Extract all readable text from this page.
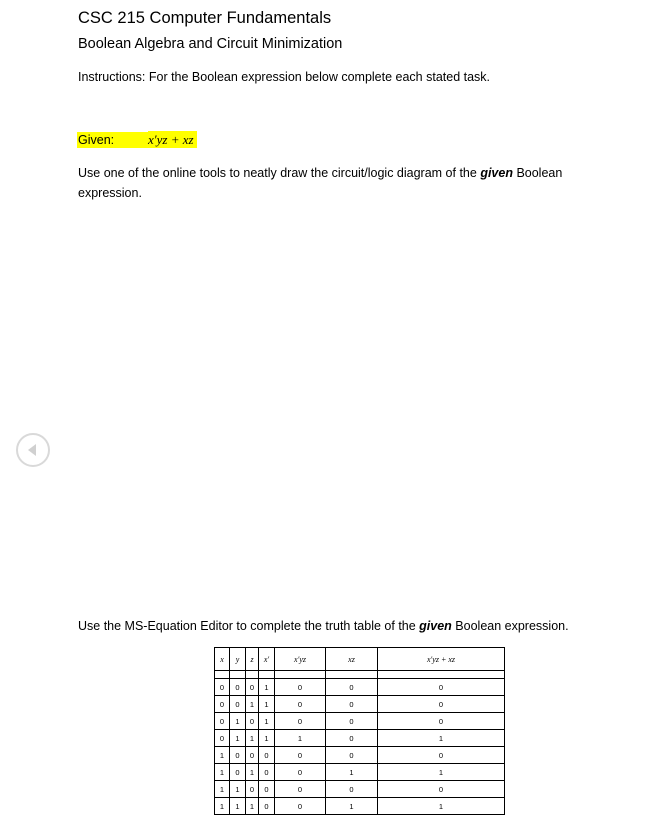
CSC 215 Computer Fundamentals
Boolean Algebra and Circuit Minimization
Instructions: For the Boolean expression below complete each stated task.
Given:	x′yz + xz
Use one of the online tools to neatly draw the circuit/logic diagram of the given Boolean expression.
Use the MS-Equation Editor to complete the truth table of the given Boolean expression.
x	y	z	x′	x′yz	xz	x′yz + xz

0	0	0	1	0	0	0
0	0	1	1	0	0	0
0	1	0	1	0	0	0
0	1	1	1	1	0	1
1	0	0	0	0	0	0
1	0	1	0	0	1	1
1	1	0	0	0	0	0
1	1	1	0	0	1	1
